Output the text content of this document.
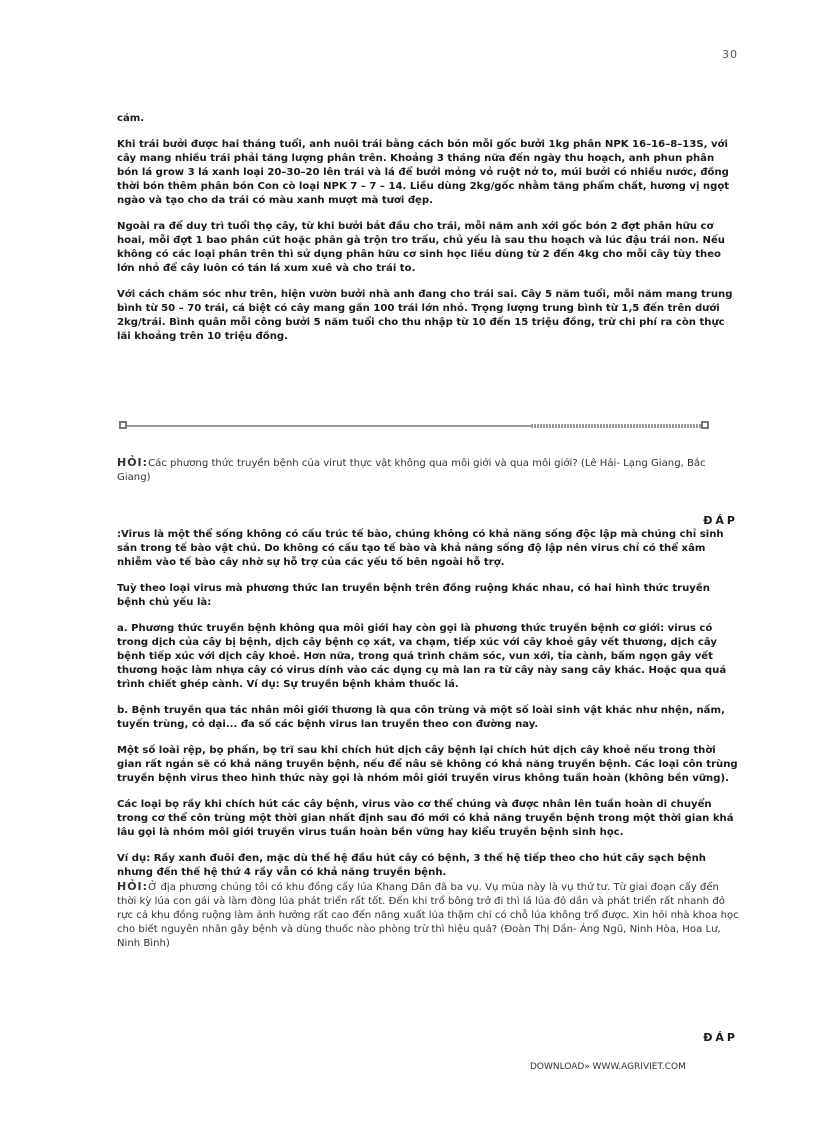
30

cám.

Khi trái bưởi được hai tháng tuổi, anh nuôi trái bằng cách bón mỗi gốc bưởi 1kg phân NPK 16–16–8–13S, với cây mang nhiều trái phải tăng lượng phân trên. Khoảng 3 tháng nữa đến ngày thu hoạch, anh phun phân bón lá grow 3 lá xanh loại 20–30–20 lên trái và lá để bưởi mỏng vỏ ruột nở to, múi bưởi có nhiều nước, đồng thời bón thêm phân bón Con cò loại NPK 7 – 7 – 14. Liều dùng 2kg/gốc nhằm tăng phẩm chất, hương vị ngọt ngào và tạo cho da trái có màu xanh mượt mà tươi đẹp.

Ngoài ra để duy trì tuổi thọ cây, từ khi bưởi bắt đầu cho trái, mỗi năm anh xới gốc bón 2 đợt phân hữu cơ hoai, mỗi đợt 1 bao phân cút hoặc phân gà trộn tro trấu, chủ yếu là sau thu hoạch và lúc đậu trái non. Nếu không có các loại phân trên thì sử dụng phân hữu cơ sinh học liều dùng từ 2 đến 4kg cho mỗi cây tùy theo lớn nhỏ để cây luôn có tán lá xum xuê và cho trái to.

Với cách chăm sóc như trên, hiện vườn bưởi nhà anh đang cho trái sai. Cây 5 năm tuổi, mỗi năm mang trung bình từ 50 – 70 trái, cá biệt có cây mang gần 100 trái lớn nhỏ. Trọng lượng trung bình từ 1,5 đến trên dưới 2kg/trái. Bình quân mỗi công bưởi 5 năm tuổi cho thu nhập từ 10 đến 15 triệu đồng, trừ chi phí ra còn thực lãi khoảng trên 10 triệu đồng.

HỎI:Các phương thức truyền bệnh của virut thực vật không qua môi giới và qua môi giới? (Lê Hải- Lạng Giang, Bắc Giang)

ĐÁP

:Virus là một thể sống không có cấu trúc tế bào, chúng không có khả năng sống độc lập mà chúng chỉ sinh sản trong tế bào vật chủ. Do không có cấu tạo tế bào và khả năng sống độ lập nên virus chỉ có thể xâm nhiễm vào tế bào cây nhờ sự hỗ trợ của các yếu tố bên ngoài hỗ trợ.

Tuỳ theo loại virus mà phương thức lan truyền bệnh trên đồng ruộng khác nhau, có hai hình thức truyền bệnh chủ yếu là:

a. Phương thức truyền bệnh không qua môi giới hay còn gọi là phương thức truyền bệnh cơ giới: virus có trong dịch của cây bị bệnh, dịch cây bệnh cọ xát, va chạm, tiếp xúc với cây khoẻ gây vết thương, dịch cây bệnh tiếp xúc với dịch cây khoẻ. Hơn nữa, trong quá trình chăm sóc, vun xới, tỉa cành, bấm ngọn gây vết thương hoặc làm nhựa cây có virus dính vào các dụng cụ mà lan ra từ cây này sang cây khác. Hoặc qua quá trình chiết ghép cành. Ví dụ: Sự truyền bệnh khảm thuốc lá.

b. Bệnh truyền qua tác nhân môi giới thương là qua côn trùng và một số loài sinh vật khác như nhện, nấm, tuyến trùng, cỏ dại... đa số các bệnh virus lan truyền theo con đường nay.

Một số loài rệp, bọ phấn, bọ trĩ sau khi chích hút dịch cây bệnh lại chích hút dịch cây khoẻ nếu trong thời gian rất ngắn sẽ có khả năng truyền bệnh, nếu để nâu sẽ không có khả năng truyền bệnh. Các loại côn trùng truyền bệnh virus theo hình thức này gọi là nhóm môi giới truyền virus không tuần hoàn (không bền vững).

Các loại bọ rầy khi chích hút các cây bệnh, virus vào cơ thể chúng và được nhân lên tuần hoàn di chuyển trong cơ thể côn trùng một thời gian nhất định sau đó mới có khả năng truyền bệnh trong một thời gian khá lâu gọi là nhóm môi giới truyền virus tuần hoàn bền vững hay kiểu truyền bệnh sinh học.

Ví dụ: Rầy xanh đuôi đen, mặc dù thế hệ đầu hút cây có bệnh, 3 thế hệ tiếp theo cho hút cây sạch bệnh nhưng đến thế hệ thứ 4 rầy vẫn có khả năng truyền bệnh.

HỎI:Ở địa phương chúng tôi có khu đồng cấy lúa Khang Dân đã ba vụ. Vụ mùa này là vụ thứ tư. Từ giai đoạn cấy đến thời kỳ lúa con gái và làm đòng lúa phát triển rất tốt. Đến khi trổ bông trở đi thì lá lúa đỏ dần và phát triển rất nhanh đỏ rực cả khu đồng ruộng làm ảnh hưởng rất cao đến năng xuất lúa thậm chí có chỗ lúa không trổ được. Xin hỏi nhà khoa học cho biết nguyên nhân gây bệnh và dùng thuốc nào phòng trừ thì hiệu quả? (Đoàn Thị Dần- Áng Ngũ, Ninh Hòa, Hoa Lư, Ninh Bình)

ĐÁP
DOWNLOAD» WWW.AGRIVIET.COM
